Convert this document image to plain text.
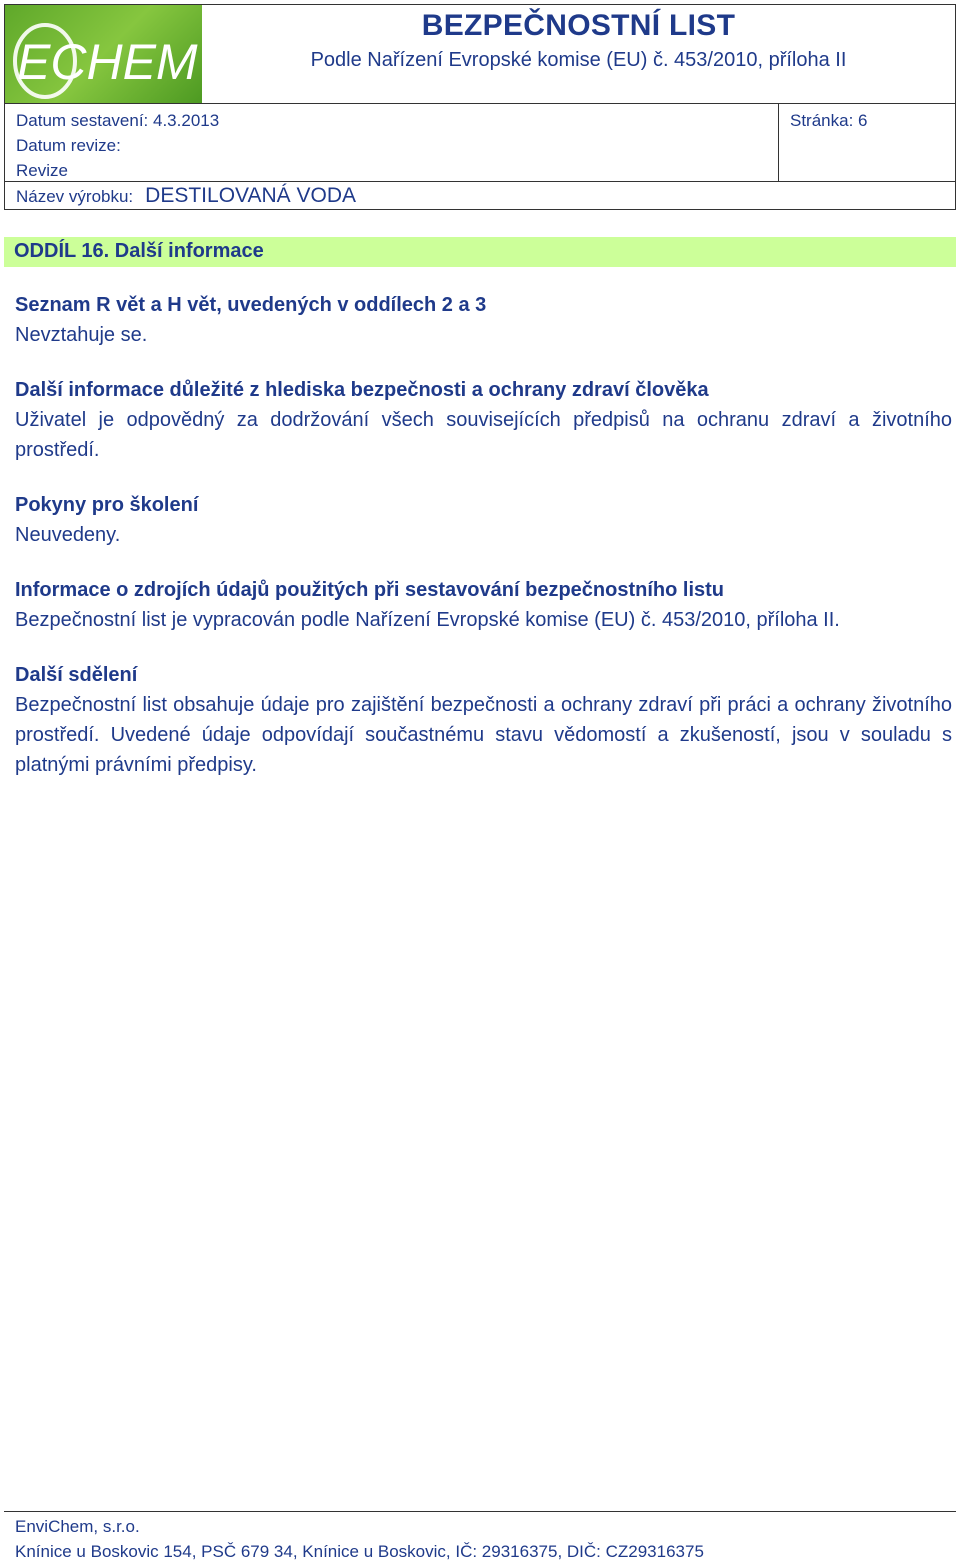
ECHEM
BEZPEČNOSTNÍ LIST
Podle Nařízení Evropské komise (EU) č. 453/2010, příloha II
Datum sestavení: 4.3.2013
Datum revize:
Revize
Stránka: 6
Název výrobku: DESTILOVANÁ VODA
ODDÍL 16. Další informace
Seznam R vět a H vět, uvedených v oddílech 2 a 3
Nevztahuje se.
Další informace důležité z hlediska bezpečnosti a ochrany zdraví člověka
Uživatel je odpovědný za dodržování všech souvisejících předpisů na ochranu zdraví a životního prostředí.
Pokyny pro školení
Neuvedeny.
Informace o zdrojích údajů použitých při sestavování bezpečnostního listu
Bezpečnostní list je vypracován podle Nařízení Evropské komise (EU) č. 453/2010, příloha II.
Další sdělení
Bezpečnostní list obsahuje údaje pro zajištění bezpečnosti a ochrany zdraví při práci a ochrany životního prostředí. Uvedené údaje odpovídají součastnému stavu vědomostí a zkušeností, jsou v souladu s platnými právními předpisy.
EnviChem, s.r.o.
Knínice u Boskovic 154, PSČ 679 34, Knínice u Boskovic, IČ: 29316375, DIČ: CZ29316375
